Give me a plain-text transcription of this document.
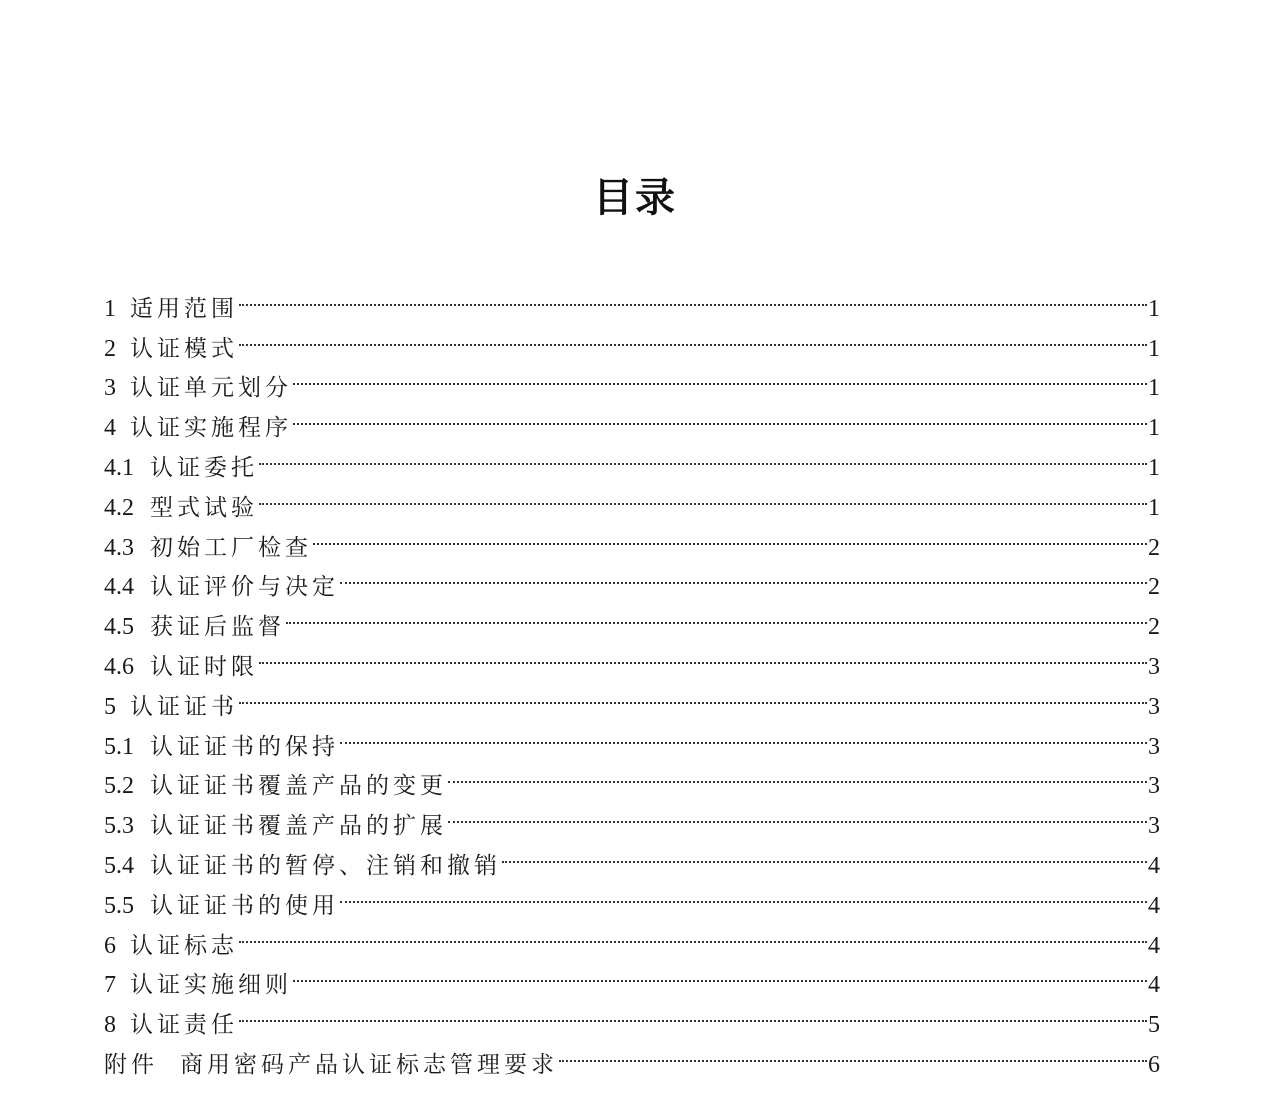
目录
1 适用范围	1
2 认证模式	1
3 认证单元划分	1
4 认证实施程序	1
4.1 认证委托	1
4.2 型式试验	1
4.3 初始工厂检查	2
4.4 认证评价与决定	2
4.5 获证后监督	2
4.6 认证时限	3
5 认证证书	3
5.1 认证证书的保持	3
5.2 认证证书覆盖产品的变更	3
5.3 认证证书覆盖产品的扩展	3
5.4 认证证书的暂停、注销和撤销	4
5.5 认证证书的使用	4
6 认证标志	4
7 认证实施细则	4
8 认证责任	5
附件 商用密码产品认证标志管理要求	6
